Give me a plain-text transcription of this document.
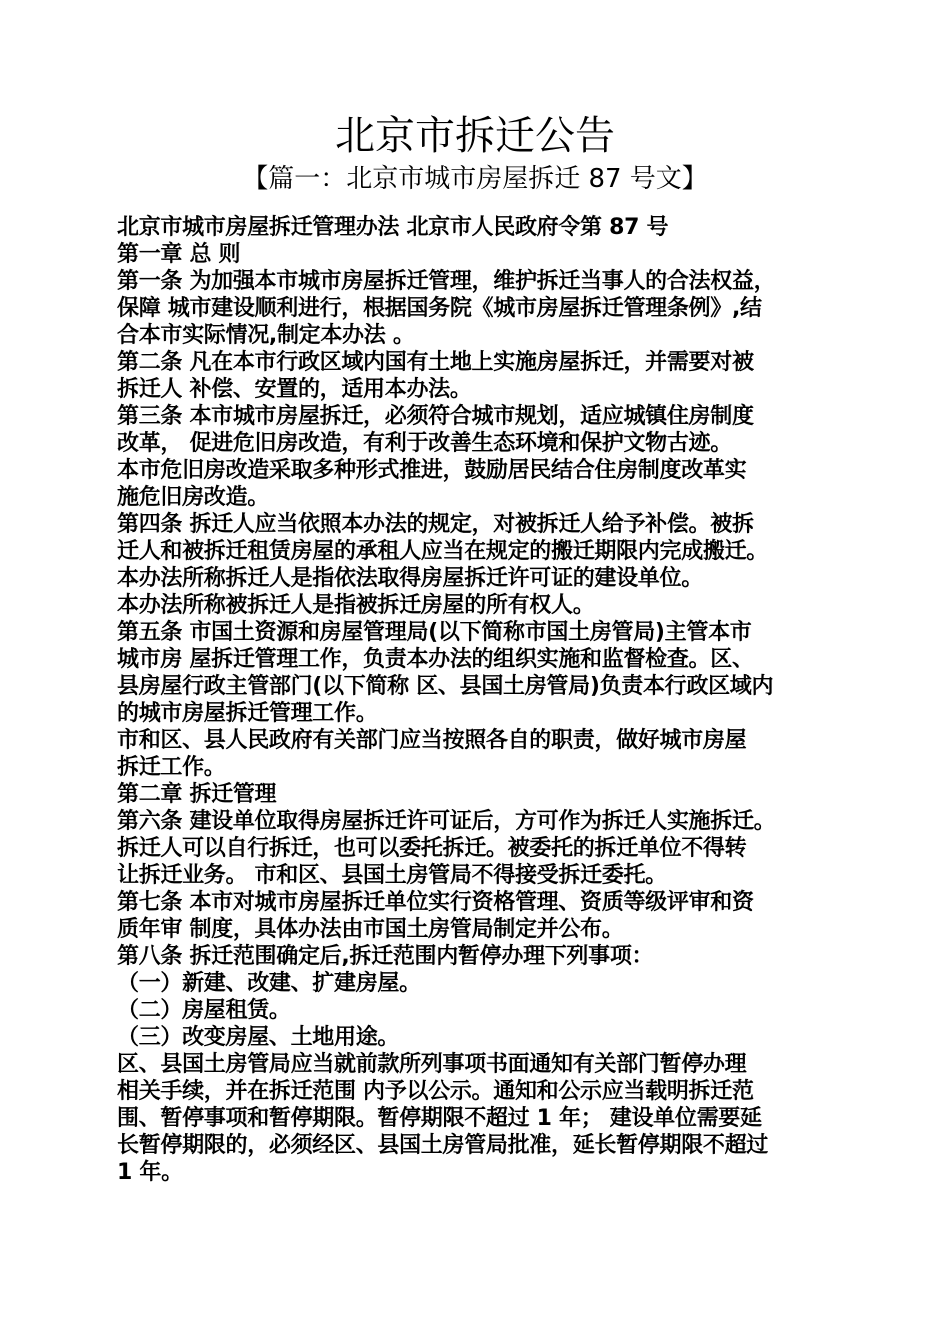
北京市拆迁公告
【篇一：北京市城市房屋拆迁 87 号文】
北京市城市房屋拆迁管理办法 北京市人民政府令第 87 号
第一章 总 则
第一条 为加强本市城市房屋拆迁管理，维护拆迁当事人的合法权益，
保障 城市建设顺利进行，根据国务院《城市房屋拆迁管理条例》,结
合本市实际情况,制定本办法 。
第二条 凡在本市行政区域内国有土地上实施房屋拆迁，并需要对被
拆迁人 补偿、安置的，适用本办法。
第三条 本市城市房屋拆迁，必须符合城市规划，适应城镇住房制度
改革， 促进危旧房改造，有利于改善生态环境和保护文物古迹。
本市危旧房改造采取多种形式推进，鼓励居民结合住房制度改革实
施危旧房改造。
第四条 拆迁人应当依照本办法的规定，对被拆迁人给予补偿。被拆
迁人和被拆迁租赁房屋的承租人应当在规定的搬迁期限内完成搬迁。
本办法所称拆迁人是指依法取得房屋拆迁许可证的建设单位。
本办法所称被拆迁人是指被拆迁房屋的所有权人。
第五条 市国土资源和房屋管理局(以下简称市国土房管局)主管本市
城市房 屋拆迁管理工作，负责本办法的组织实施和监督检查。区、
县房屋行政主管部门(以下简称 区、县国土房管局)负责本行政区域内
的城市房屋拆迁管理工作。
市和区、县人民政府有关部门应当按照各自的职责，做好城市房屋
拆迁工作。
第二章 拆迁管理
第六条 建设单位取得房屋拆迁许可证后，方可作为拆迁人实施拆迁。
拆迁人可以自行拆迁，也可以委托拆迁。被委托的拆迁单位不得转
让拆迁业务。 市和区、县国土房管局不得接受拆迁委托。
第七条 本市对城市房屋拆迁单位实行资格管理、资质等级评审和资
质年审 制度，具体办法由市国土房管局制定并公布。
第八条 拆迁范围确定后,拆迁范围内暂停办理下列事项：
（一）新建、改建、扩建房屋。
（二）房屋租赁。
（三）改变房屋、土地用途。
区、县国土房管局应当就前款所列事项书面通知有关部门暂停办理
相关手续，并在拆迁范围 内予以公示。通知和公示应当载明拆迁范
围、暂停事项和暂停期限。暂停期限不超过 1 年； 建设单位需要延
长暂停期限的，必须经区、县国土房管局批准，延长暂停期限不超过
1 年。
